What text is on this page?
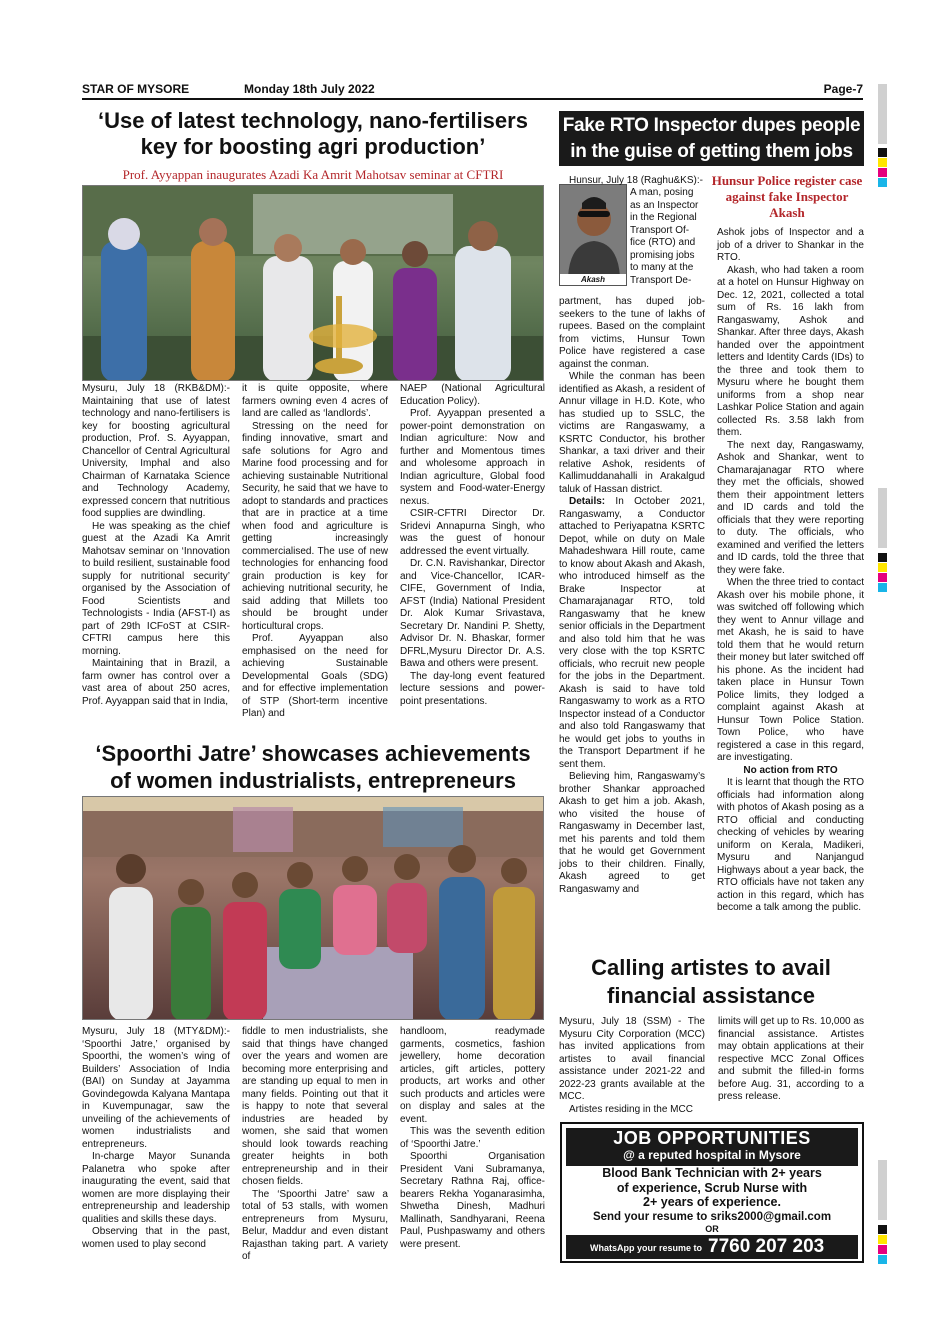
STAR OF MYSORE	Monday 18th July 2022	Page-7
‘Use of latest technology, nano-fertilisers
key for boosting agri production’
Prof. Ayyappan inaugurates Azadi Ka Amrit Mahotsav seminar at CFTRI

Mysuru, July 18 (RKB&DM):- Maintaining that use of latest technology and nano-fertilisers is key for boosting agricultural production, Prof. S. Ayyappan, Chancellor of Central Agricultural University, Imphal and also Chairman of Karnataka Science and Technology Academy, expressed concern that nutritious food supplies are dwindling.

He was speaking as the chief guest at the Azadi Ka Amrit Mahotsav seminar on ‘Innovation to build resilient, sustainable food supply for nutritional security’ organised by the Association of Food Scientists and Technologists - India (AFST-I) as part of 29th ICFoST at CSIR-CFTRI campus here this morning.

Maintaining that in Brazil, a farm owner has control over a vast area of about 250 acres, Prof. Ayyappan said that in India,

it is quite opposite, where farmers owning even 4 acres of land are called as ‘landlords’.

Stressing on the need for finding innovative, smart and safe solutions for Agro and Marine food processing and for achieving sustainable Nutritional Security, he said that we have to adopt to standards and practices that are in practice at a time when food and agriculture is getting increasingly commercialised. The use of new technologies for enhancing food grain production is key for achieving nutritional security, he said adding that Millets too should be brought under horticultural crops.

Prof. Ayyappan also emphasised on the need for achieving Sustainable Developmental Goals (SDG) and for effective implementation of STP (Short-term incentive Plan) and

NAEP (National Agricultural Education Policy).

Prof. Ayyappan presented a power-point demonstration on Indian agriculture: Now and further and Momentous times and wholesome approach in Indian agriculture, Global food system and Food-water-Energy nexus.

CSIR-CFTRI Director Dr. Sridevi Annapurna Singh, who was the guest of honour addressed the event virtually.

Dr. C.N. Ravishankar, Director and Vice-Chancellor, ICAR-CIFE, Government of India, AFST (India) National President Dr. Alok Kumar Srivastava, Secretary Dr. Nandini P. Shetty, Advisor Dr. N. Bhaskar, former DFRL,Mysuru Director Dr. A.S. Bawa and others were present.

The day-long event featured lecture sessions and power-point presentations.

Fake RTO Inspector dupes people
in the guise of getting them jobs
Akash
Hunsur, July 18 (Raghu&KS):-
A man, posing
as an Inspector
in the Regional
Transport Of-
fice (RTO) and
promising jobs
to many at the
Transport De-

partment, has duped job-seekers to the tune of lakhs of rupees. Based on the complaint from victims, Hunsur Town Police have registered a case against the conman.

While the conman has been identified as Akash, a resident of Annur village in H.D. Kote, who has studied up to SSLC, the victims are Rangaswamy, a KSRTC Conductor, his brother Shankar, a taxi driver and their relative Ashok, residents of Kallimuddanahalli in Arakalgud taluk of Hassan district.

Details: In October 2021, Rangaswamy, a Conductor attached to Periyapatna KSRTC Depot, while on duty on Male Mahadeshwara Hill route, came to know about Akash and Akash, who introduced himself as the Brake Inspector at Chamarajanagar RTO, told Rangaswamy that he knew senior officials in the Department and also told him that he was very close with the top KSRTC officials, who recruit new people for the jobs in the Department. Akash is said to have told Rangaswamy to work as a RTO Inspector instead of a Conductor and also told Rangaswamy that he would get jobs to youths in the Transport Department if he sent them.

Believing him, Rangaswamy’s brother Shankar approached Akash to get him a job. Akash, who visited the house of Rangaswamy in December last, met his parents and told them that he would get Government jobs to their children. Finally, Akash agreed to get Rangaswamy and

Hunsur Police register case against fake Inspector Akash

Ashok jobs of Inspector and a job of a driver to Shankar in the RTO.

Akash, who had taken a room at a hotel on Hunsur Highway on Dec. 12, 2021, collected a total sum of Rs. 16 lakh from Rangaswamy, Ashok and Shankar. After three days, Akash handed over the appointment letters and Identity Cards (IDs) to the three and took them to Mysuru where he bought them uniforms from a shop near Lashkar Police Station and again collected Rs. 3.58 lakh from them.

The next day, Rangaswamy, Ashok and Shankar, went to Chamarajanagar RTO where they met the officials, showed them their appointment letters and ID cards and told the officials that they were reporting to duty. The officials, who examined and verified the letters and ID cards, told the three that they were fake.

When the three tried to contact Akash over his mobile phone, it was switched off following which they went to Annur village and met Akash, he is said to have told them that he would return their money but later switched off his phone. As the incident had taken place in Hunsur Town Police limits, they lodged a complaint against Akash at Hunsur Town Police Station. Town Police, who have registered a case in this regard, are investigating.

No action from RTO

It is learnt that though the RTO officials had information along with photos of Akash posing as a RTO official and conducting checking of vehicles by wearing uniform on Kerala, Madikeri, Mysuru and Nanjangud Highways about a year back, the RTO officials have not taken any action in this regard, which has become a talk among the public.

‘Spoorthi Jatre’ showcases achievements
of women industrialists, entrepreneurs

Mysuru, July 18 (MTY&DM):- ‘Spoorthi Jatre,’ organised by Spoorthi, the women’s wing of Builders’ Association of India (BAI) on Sunday at Jayamma Govindegowda Kalyana Mantapa in Kuvempunagar, saw the unveiling of the achievements of women industrialists and entrepreneurs.

In-charge Mayor Sunanda Palanetra who spoke after inaugurating the event, said that women are more displaying their entrepreneurship and leadership qualities and skills these days.

Observing that in the past, women used to play second

fiddle to men industrialists, she said that things have changed over the years and women are becoming more enterprising and are standing up equal to men in many fields. Pointing out that it is happy to note that several industries are headed by women, she said that women should look towards reaching greater heights in both entrepreneurship and in their chosen fields.

The ‘Spoorthi Jatre’ saw a total of 53 stalls, with women entrepreneurs from Mysuru, Belur, Maddur and even distant Rajasthan taking part. A variety of

handloom, readymade garments, cosmetics, fashion jewellery, home decoration articles, gift articles, pottery products, art works and other such products and articles were on display and sales at the event.

This was the seventh edition of ‘Spoorthi Jatre.’

Spoorthi Organisation President Vani Subramanya, Secretary Rathna Raj, office-bearers Rekha Yoganarasimha, Shwetha Dinesh, Madhuri Mallinath, Sandhyarani, Reena Paul, Pushpaswamy and others were present.

Calling artistes to avail
financial assistance

Mysuru, July 18 (SSM) - The Mysuru City Corporation (MCC) has invited applications from artistes to avail financial assistance under 2021-22 and 2022-23 grants available at the MCC.

Artistes residing in the MCC

limits will get up to Rs. 10,000 as financial assistance. Artistes may obtain applications at their respective MCC Zonal Offices and submit the filled-in forms before Aug. 31, according to a press release.

JOB OPPORTUNITIES
@ a reputed hospital in Mysore
Blood Bank Technician with 2+ years
of experience, Scrub Nurse with
2+ years of experience.
Send your resume to sriks2000@gmail.com
OR
WhatsApp your resume to 7760 207 203
